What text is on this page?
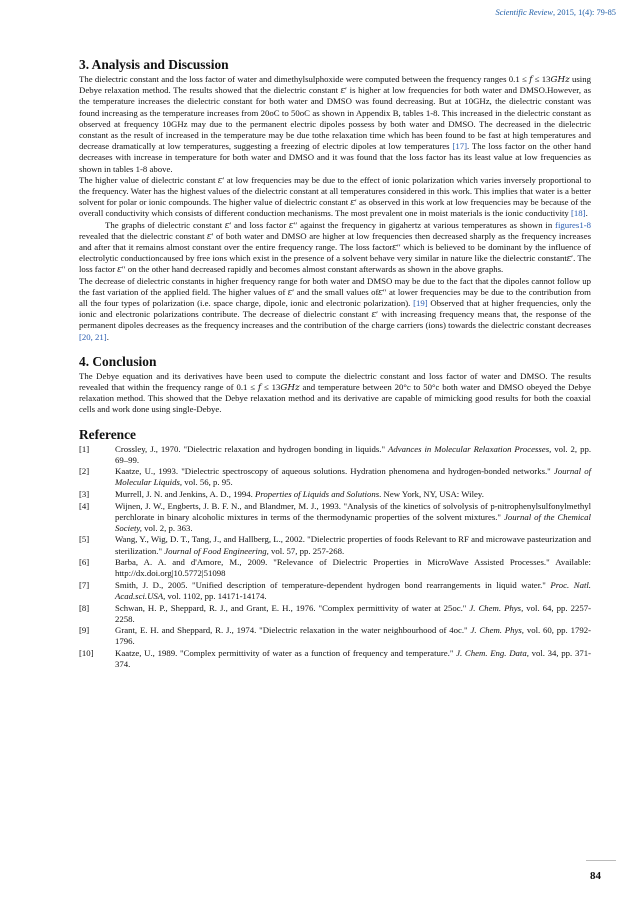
Scientific Review, 2015, 1(4): 79-85
3. Analysis and Discussion

The dielectric constant and the loss factor of water and dimethylsulphoxide were computed between the frequency ranges 0.1 ≤ 𝑓 ≤ 13𝐺𝐻𝑧 using Debye relaxation method. The results showed that the dielectric constant 𝜀′ is higher at low frequencies for both water and DMSO.However, as the temperature increases the dielectric constant for both water and DMSO was found decreasing. But at 10GHz, the dielectric constant was found increasing as the temperature increases from 20oC to 50oC as shown in Appendix B, tables 1-8. This increased in the dielectric constant as observed at frequency 10GHz may due to the permanent electric dipoles possess by both water and DMSO. The decreased in the dielectric constant as the result of increased in the temperature may be due tothe relaxation time which has been found to be fast at high temperatures and decrease dramatically at low temperatures, suggesting a freezing of electric dipoles at low temperatures [17]. The loss factor on the other hand decreases with increase in temperature for both water and DMSO and it was found that the loss factor has its least value at low frequencies as shown in tables 1-8 above.

The higher value of dielectric constant 𝜀′ at low frequencies may be due to the effect of ionic polarization which varies inversely proportional to the frequency. Water has the highest values of the dielectric constant at all temperatures considered in this work. This implies that water is a better solvent for polar or ionic compounds. The higher value of dielectric constant 𝜀′ as observed in this work at low frequencies may be because of the overall conductivity which consists of different conduction mechanisms. The most prevalent one in moist materials is the ionic conductivity [18].

The graphs of dielectric constant 𝜀′ and loss factor 𝜀′′ against the frequency in gigahertz at various temperatures as shown in figures1-8 revealed that the dielectric constant 𝜀′ of both water and DMSO are higher at low frequencies then decreased sharply as the frequency increases and after that it remains almost constant over the entire frequency range. The loss factor𝜀′′ which is believed to be dominant by the influence of electrolytic conductioncaused by free ions which exist in the presence of a solvent behave very similar in nature like the dielectric constant𝜀′. The loss factor 𝜀′′ on the other hand decreased rapidly and becomes almost constant afterwards as shown in the above graphs.

The decrease of dielectric constants in higher frequency range for both water and DMSO may be due to the fact that the dipoles cannot follow up the fast variation of the applied field. The higher values of 𝜀′ and the small values of𝜀′′ at lower frequencies may be due to the contribution from all the four types of polarization (i.e. space charge, dipole, ionic and electronic polarization). [19] Observed that at higher frequencies, only the ionic and electronic polarizations contribute. The decrease of dielectric constant 𝜀′ with increasing frequency means that, the response of the permanent dipoles decreases as the frequency increases and the contribution of the charge carriers (ions) towards the dielectric constant decreases [20, 21].

4. Conclusion

The Debye equation and its derivatives have been used to compute the dielectric constant and loss factor of water and DMSO. The results revealed that within the frequency range of 0.1 ≤ 𝑓 ≤ 13𝐺𝐻𝑧 and temperature between 20°c to 50°c both water and DMSO obeyed the Debye relaxation method. This showed that the Debye relaxation method and its derivative are capable of mimicking good results for both the coaxial cells and work done using single-Debye.

Reference
[1]	Crossley, J., 1970. "Dielectric relaxation and hydrogen bonding in liquids." Advances in Molecular Relaxation Processes, vol. 2, pp. 69–99.
[2]	Kaatze, U., 1993. "Dielectric spectroscopy of aqueous solutions. Hydration phenomena and hydrogen-bonded networks." Journal of Molecular Liquids, vol. 56, p. 95.
[3]	Murrell, J. N. and Jenkins, A. D., 1994. Properties of Liquids and Solutions. New York, NY, USA: Wiley.
[4]	Wijnen, J. W., Engberts, J. B. F. N., and Blandmer, M. J., 1993. "Analysis of the kinetics of solvolysis of p-nitrophenylsulfonylmethyl perchlorate in binary alcoholic mixtures in terms of the thermodynamic properties of the solvent mixtures." Journal of the Chemical Society, vol. 2, p. 363.
[5]	Wang, Y., Wig, D. T., Tang, J., and Hallberg, L., 2002. "Dielectric properties of foods Relevant to RF and microwave pasteurization and sterilization." Journal of Food Engineering, vol. 57, pp. 257-268.
[6]	Barba, A. A. and d'Amore, M., 2009. "Relevance of Dielectric Properties in MicroWave Assisted Processes." Available: http://dx.doi.org|10.5772|51098
[7]	Smith, J. D., 2005. "Unified description of temperature-dependent hydrogen bond rearrangements in liquid water." Proc. Natl. Acad.sci.USA, vol. 1102, pp. 14171-14174.
[8]	Schwan, H. P., Sheppard, R. J., and Grant, E. H., 1976. "Complex permittivity of water at 25oc." J. Chem. Phys, vol. 64, pp. 2257-2258.
[9]	Grant, E. H. and Sheppard, R. J., 1974. "Dielectric relaxation in the water neighbourhood of 4oc." J. Chem. Phys, vol. 60, pp. 1792-1796.
[10]	Kaatze, U., 1989. "Complex permittivity of water as a function of frequency and temperature." J. Chem. Eng. Data, vol. 34, pp. 371-374.
84
